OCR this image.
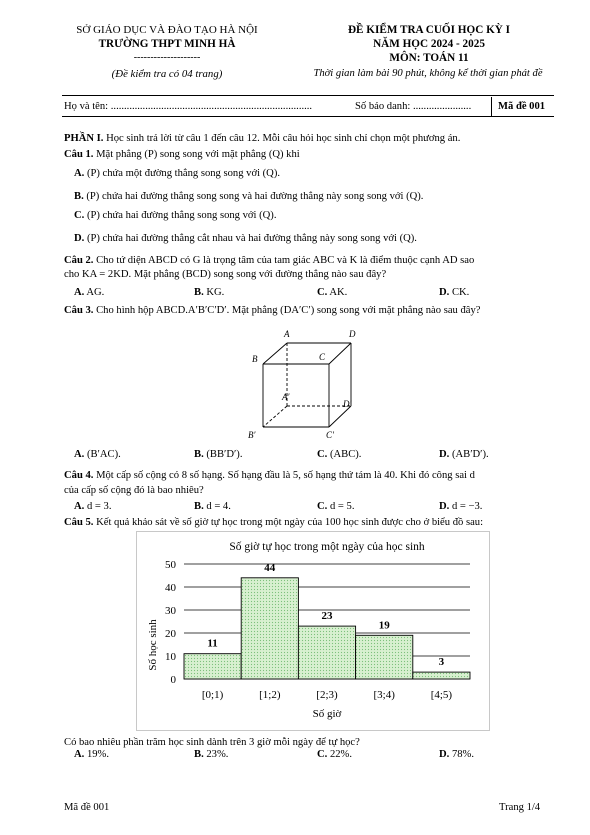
SỞ GIÁO DỤC VÀ ĐÀO TẠO HÀ NỘI
TRƯỜNG THPT MINH HÀ
--------------------
(Đề kiểm tra có 04 trang)
ĐỀ KIỂM TRA CUỐI HỌC KỲ I
NĂM HỌC 2024 - 2025
MÔN: TOÁN 11
Thời gian làm bài 90 phút, không kể thời gian phát đề
Họ và tên: ............................................................................	Số báo danh: ......................	Mã đề 001
PHẦN I. Học sinh trả lời từ câu 1 đến câu 12. Mỗi câu hỏi học sinh chỉ chọn một phương án.
Câu 1. Mặt phẳng (P) song song với mặt phẳng (Q) khi
A. (P) chứa một đường thẳng song song với (Q).
B. (P) chứa hai đường thẳng song song và hai đường thẳng này song song với (Q).
C. (P) chứa hai đường thẳng song song với (Q).
D. (P) chứa hai đường thẳng cắt nhau và hai đường thẳng này song song với (Q).
Câu 2. Cho tứ diện ABCD có G là trọng tâm của tam giác ABC và K là điểm thuộc cạnh AD sao
cho KA = 2KD. Mặt phẳng (BCD) song song với đường thẳng nào sau đây?
A. AG.	B. KG.	C. AK.	D. CK.
Câu 3. Cho hình hộp ABCD.A′B′C′D′. Mặt phẳng (DA′C′) song song với mặt phẳng nào sau đây?
A
B	C
D
A′
B′	C′
D′
A. (B′AC).	B. (BB′D′).	C. (ABC).	D. (AB′D′).
Câu 4. Một cấp số cộng có 8 số hạng. Số hạng đầu là 5, số hạng thứ tám là 40. Khi đó công sai d
của cấp số cộng đó là bao nhiêu?
A. d = 3.	B. d = 4.	C. d = 5.	D. d = −3.
Câu 5. Kết quả khảo sát về số giờ tự học trong một ngày của 100 học sinh được cho ở biểu đồ sau:
Số giờ tự học trong một ngày của học sinh
0
10
20
30
40
50
11
44
23
19
3
[0;1)	[1;2)	[2;3)	[3;4)	[4;5)
Số giờ
Số học sinh
Có bao nhiêu phần trăm học sinh dành trên 3 giờ mỗi ngày để tự học?
A. 19%.	B. 23%.	C. 22%.	D. 78%.
Mã đề 001	Trang 1/4
